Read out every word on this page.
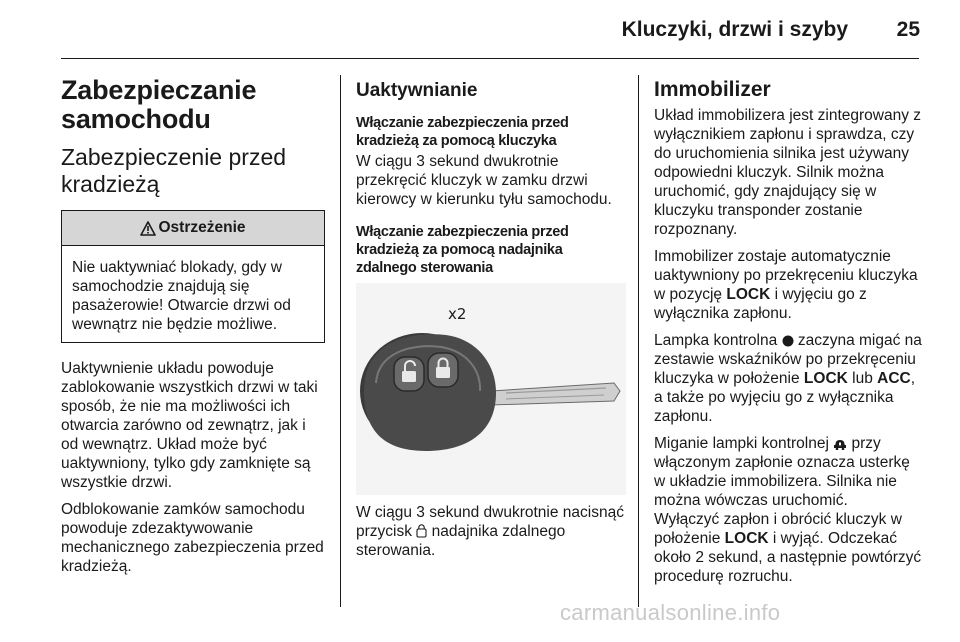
Kluczyki, drzwi i szyby 25
Zabezpieczanie samochodu
Zabezpieczenie przed kradzieżą
Ostrzeżenie

Nie uaktywniać blokady, gdy w samochodzie znajdują się pasażerowie! Otwarcie drzwi od wewnątrz nie będzie możliwe.

Uaktywnienie układu powoduje zablokowanie wszystkich drzwi w taki sposób, że nie ma możliwości ich otwarcia zarówno od zewnątrz, jak i od wewnątrz. Układ może być uaktywniony, tylko gdy zamknięte są wszystkie drzwi.

Odblokowanie zamków samochodu powoduje zdezaktywowanie mechanicznego zabezpieczenia przed kradzieżą.

Uaktywnianie
Włączanie zabezpieczenia przed kradzieżą za pomocą kluczyka

W ciągu 3 sekund dwukrotnie przekręcić kluczyk w zamku drzwi kierowcy w kierunku tyłu samochodu.

Włączanie zabezpieczenia przed kradzieżą za pomocą nadajnika zdalnego sterowania
x2

W ciągu 3 sekund dwukrotnie nacisnąć przycisk nadajnika zdalnego sterowania.

Immobilizer

Układ immobilizera jest zintegrowany z wyłącznikiem zapłonu i sprawdza, czy do uruchomienia silnika jest używany odpowiedni kluczyk. Silnik można uruchomić, gdy znajdujący się w kluczyku transponder zostanie rozpoznany.

Immobilizer zostaje automatycznie uaktywniony po przekręceniu kluczyka w pozycję LOCK i wyjęciu go z wyłącznika zapłonu.

Lampka kontrolna zaczyna migać na zestawie wskaźników po przekręceniu kluczyka w położenie LOCK lub ACC, a także po wyjęciu go z wyłącznika zapłonu.

Miganie lampki kontrolnej przy włączonym zapłonie oznacza usterkę w układzie immobilizera. Silnika nie można wówczas uruchomić.

Wyłączyć zapłon i obrócić kluczyk w położenie LOCK i wyjąć. Odczekać około 2 sekund, a następnie powtórzyć procedurę rozruchu.

carmanualsonline.info
